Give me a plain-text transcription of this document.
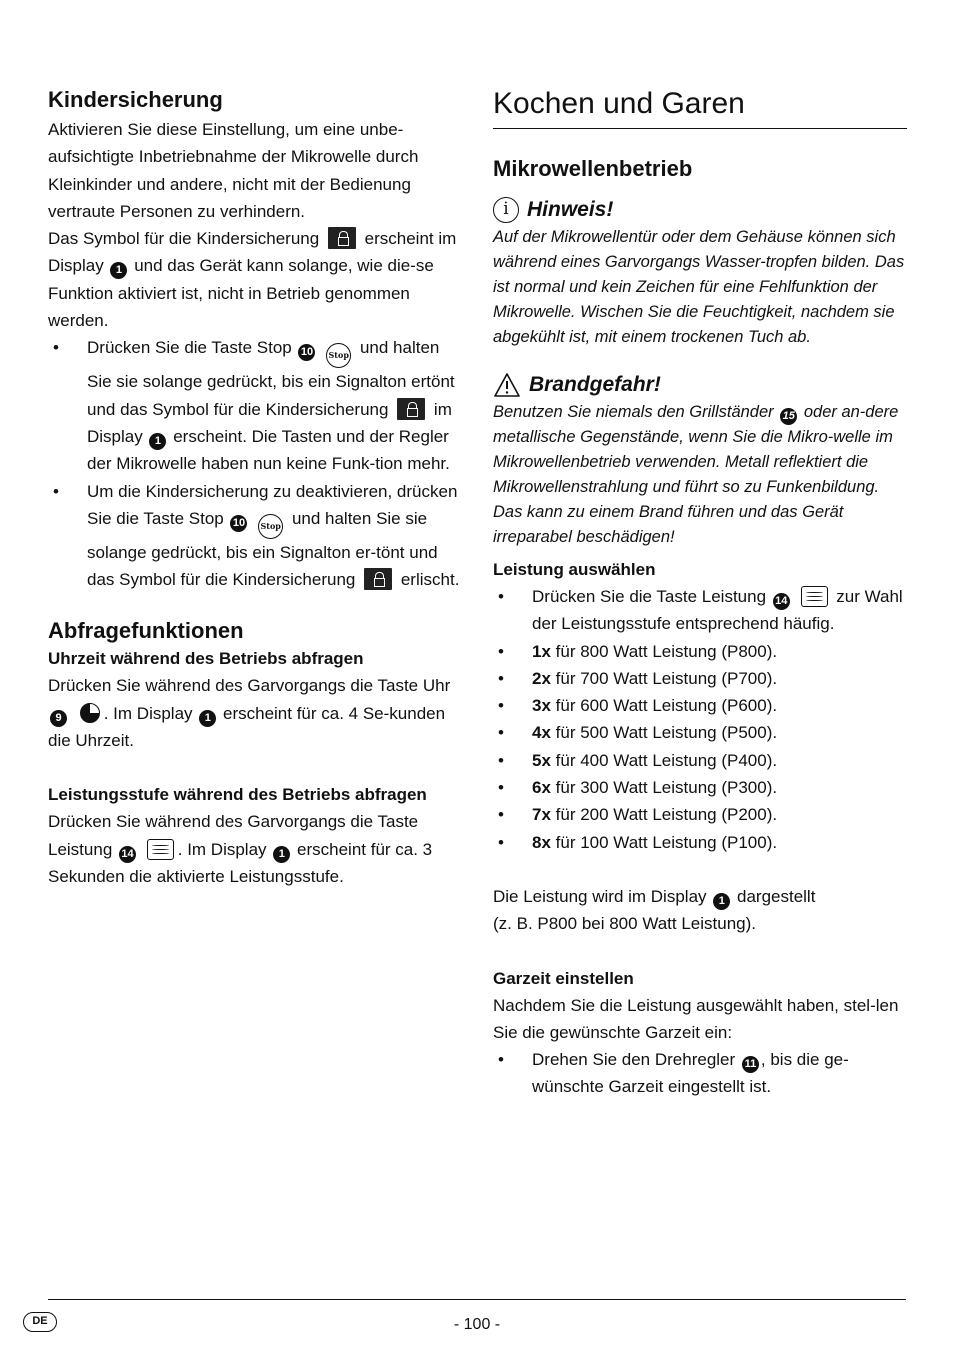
Kindersicherung

Aktivieren Sie diese Einstellung, um eine unbe-aufsichtigte Inbetriebnahme der Mikrowelle durch Kleinkinder und andere, nicht mit der Bedienung vertraute Personen zu verhindern.

Das Symbol für die Kindersicherung	erscheint im Display 1 und das Gerät kann solange, wie die-se Funktion aktiviert ist, nicht in Betrieb genommen werden.

• Drücken Sie die Taste Stop 10 Stop und halten Sie sie solange gedrückt, bis ein Signalton ertönt und das Symbol für die Kindersicherung	im Display 1 erscheint. Die Tasten und der Regler der Mikrowelle haben nun keine Funk-tion mehr.
• Um die Kindersicherung zu deaktivieren, drücken Sie die Taste Stop 10 Stop und halten Sie sie solange gedrückt, bis ein Signalton er-tönt und das Symbol für die Kindersicherung	erlischt.
Abfragefunktionen
Uhrzeit während des Betriebs abfragen

Drücken Sie während des Garvorgangs die Taste Uhr 9 . Im Display 1 erscheint für ca. 4 Se-kunden die Uhrzeit.

Leistungsstufe während des Betriebs abfragen

Drücken Sie während des Garvorgangs die Taste Leistung 14	. Im Display 1 erscheint für ca. 3 Sekunden die aktivierte Leistungsstufe.

Kochen und Garen
Mikrowellenbetrieb
i Hinweis!

Auf der Mikrowellentür oder dem Gehäuse können sich während eines Garvorgangs Wasser-tropfen bilden. Das ist normal und kein Zeichen für eine Fehlfunktion der Mikrowelle. Wischen Sie die Feuchtigkeit, nachdem sie abgekühlt ist, mit einem trockenen Tuch ab.

Brandgefahr!

Benutzen Sie niemals den Grillständer 15 oder an-dere metallische Gegenstände, wenn Sie die Mikro-welle im Mikrowellenbetrieb verwenden. Metall reflektiert die Mikrowellenstrahlung und führt so zu Funkenbildung. Das kann zu einem Brand führen und das Gerät irreparabel beschädigen!

Leistung auswählen
• Drücken Sie die Taste Leistung 14	zur Wahl der Leistungsstufe entsprechend häufig.
• 1x für 800 Watt Leistung (P800).
• 2x für 700 Watt Leistung (P700).
• 3x für 600 Watt Leistung (P600).
• 4x für 500 Watt Leistung (P500).
• 5x für 400 Watt Leistung (P400).
• 6x für 300 Watt Leistung (P300).
• 7x für 200 Watt Leistung (P200).
• 8x für 100 Watt Leistung (P100).

Die Leistung wird im Display 1 dargestellt
(z. B. P800 bei 800 Watt Leistung).

Garzeit einstellen

Nachdem Sie die Leistung ausgewählt haben, stel-len Sie die gewünschte Garzeit ein:

• Drehen Sie den Drehregler 11 , bis die ge-wünschte Garzeit eingestellt ist.
DE	- 100 -
